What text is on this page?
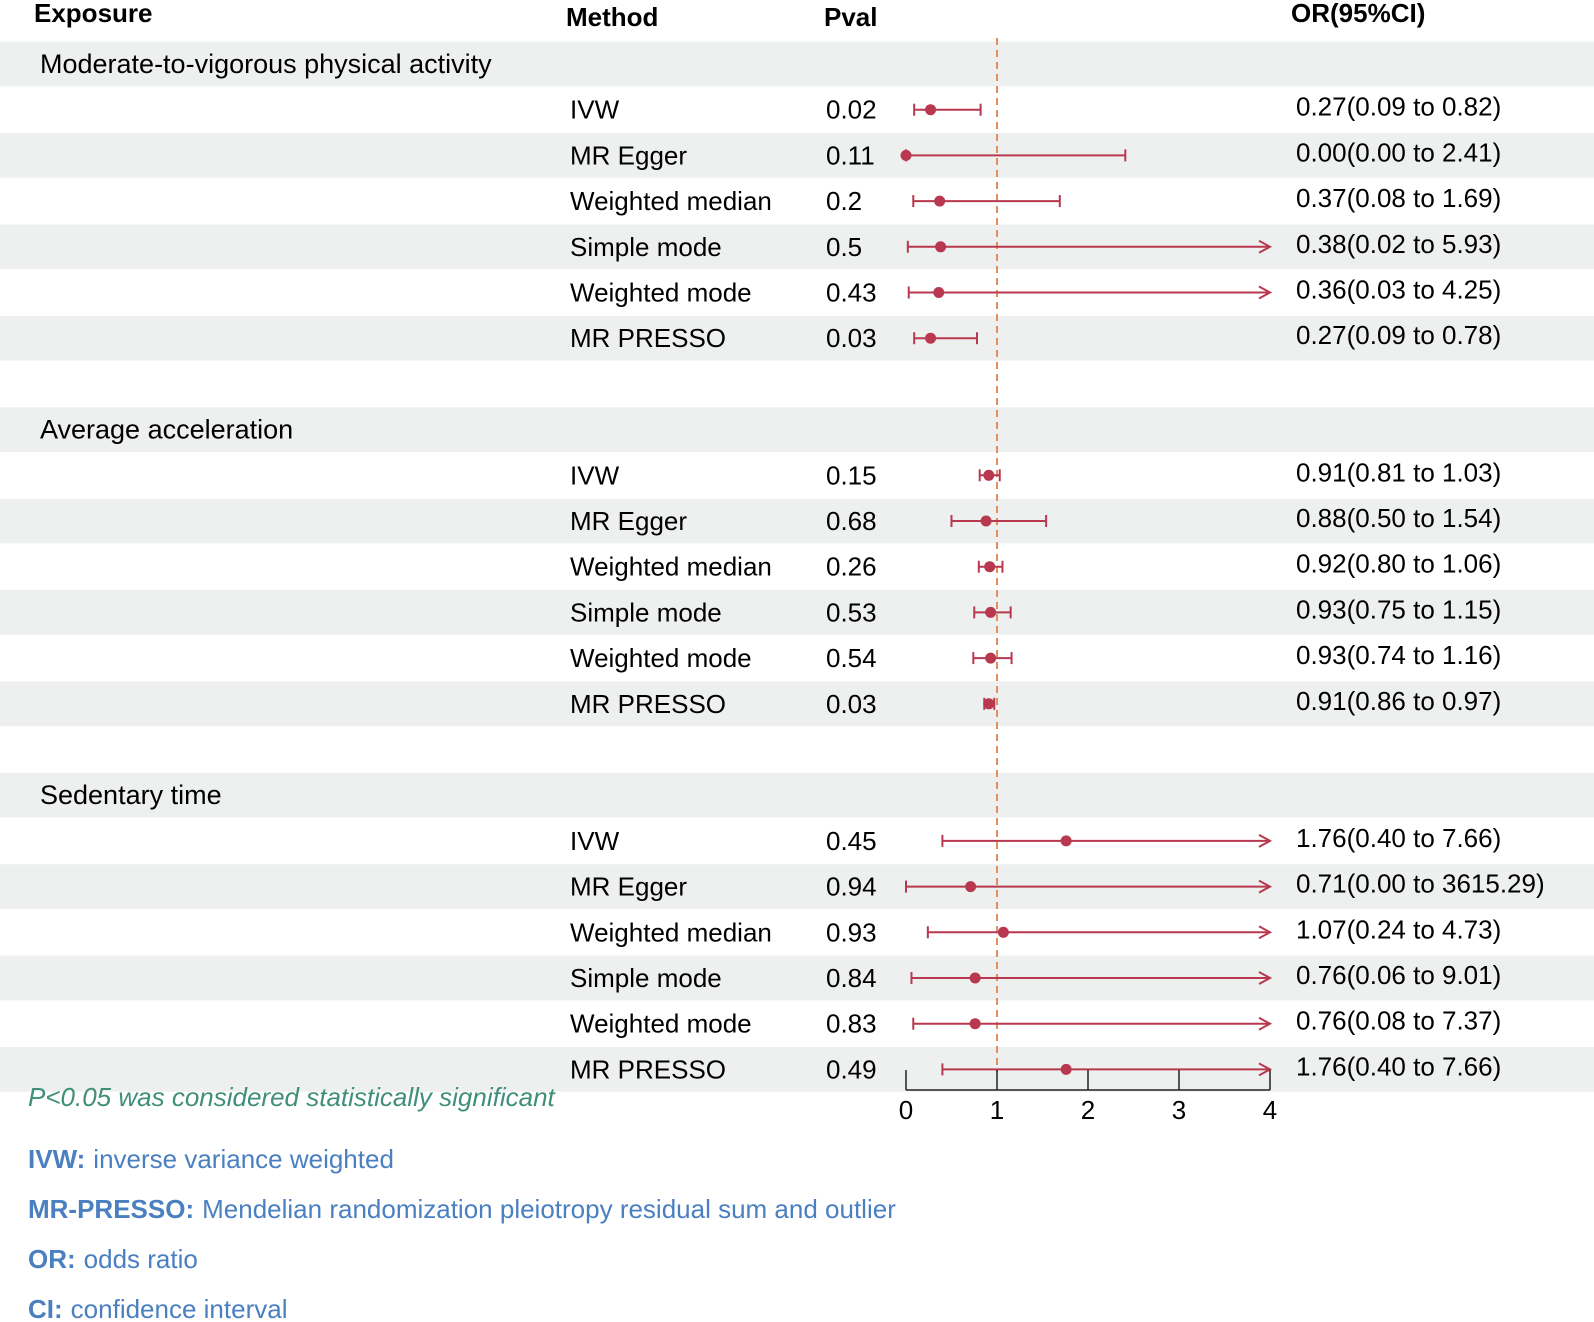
Exposure	Method	Pval	OR(95%CI)
Moderate-to-vigorous physical activity
IVW	0.02	0.27(0.09 to 0.82)
MR Egger	0.11	0.00(0.00 to 2.41)
Weighted median 0.2	0.37(0.08 to 1.69)
Simple mode	0.5	0.38(0.02 to 5.93)
Weighted mode	0.43	0.36(0.03 to 4.25)
MR PRESSO	0.03	0.27(0.09 to 0.78)
Average acceleration
IVW	0.15	0.91(0.81 to 1.03)
MR Egger	0.68	0.88(0.50 to 1.54)
Weighted median 0.26	0.92(0.80 to 1.06)
Simple mode	0.53	0.93(0.75 to 1.15)
Weighted mode	0.54	0.93(0.74 to 1.16)
MR PRESSO	0.03	0.91(0.86 to 0.97)
Sedentary time
IVW	0.45	1.76(0.40 to 7.66)
MR Egger	0.94	0.71(0.00 to 3615.29)
Weighted median 0.93	1.07(0.24 to 4.73)
Simple mode	0.84	0.76(0.06 to 9.01)
Weighted mode	0.83	0.76(0.08 to 7.37)
MR PRESSO	0.49	1.76(0.40 to 7.66)
0	1	2	3	4
P<0.05 was considered statistically significant
IVW: inverse variance weighted
MR-PRESSO: Mendelian randomization pleiotropy residual sum and outlier
OR: odds ratio
CI: confidence interval
